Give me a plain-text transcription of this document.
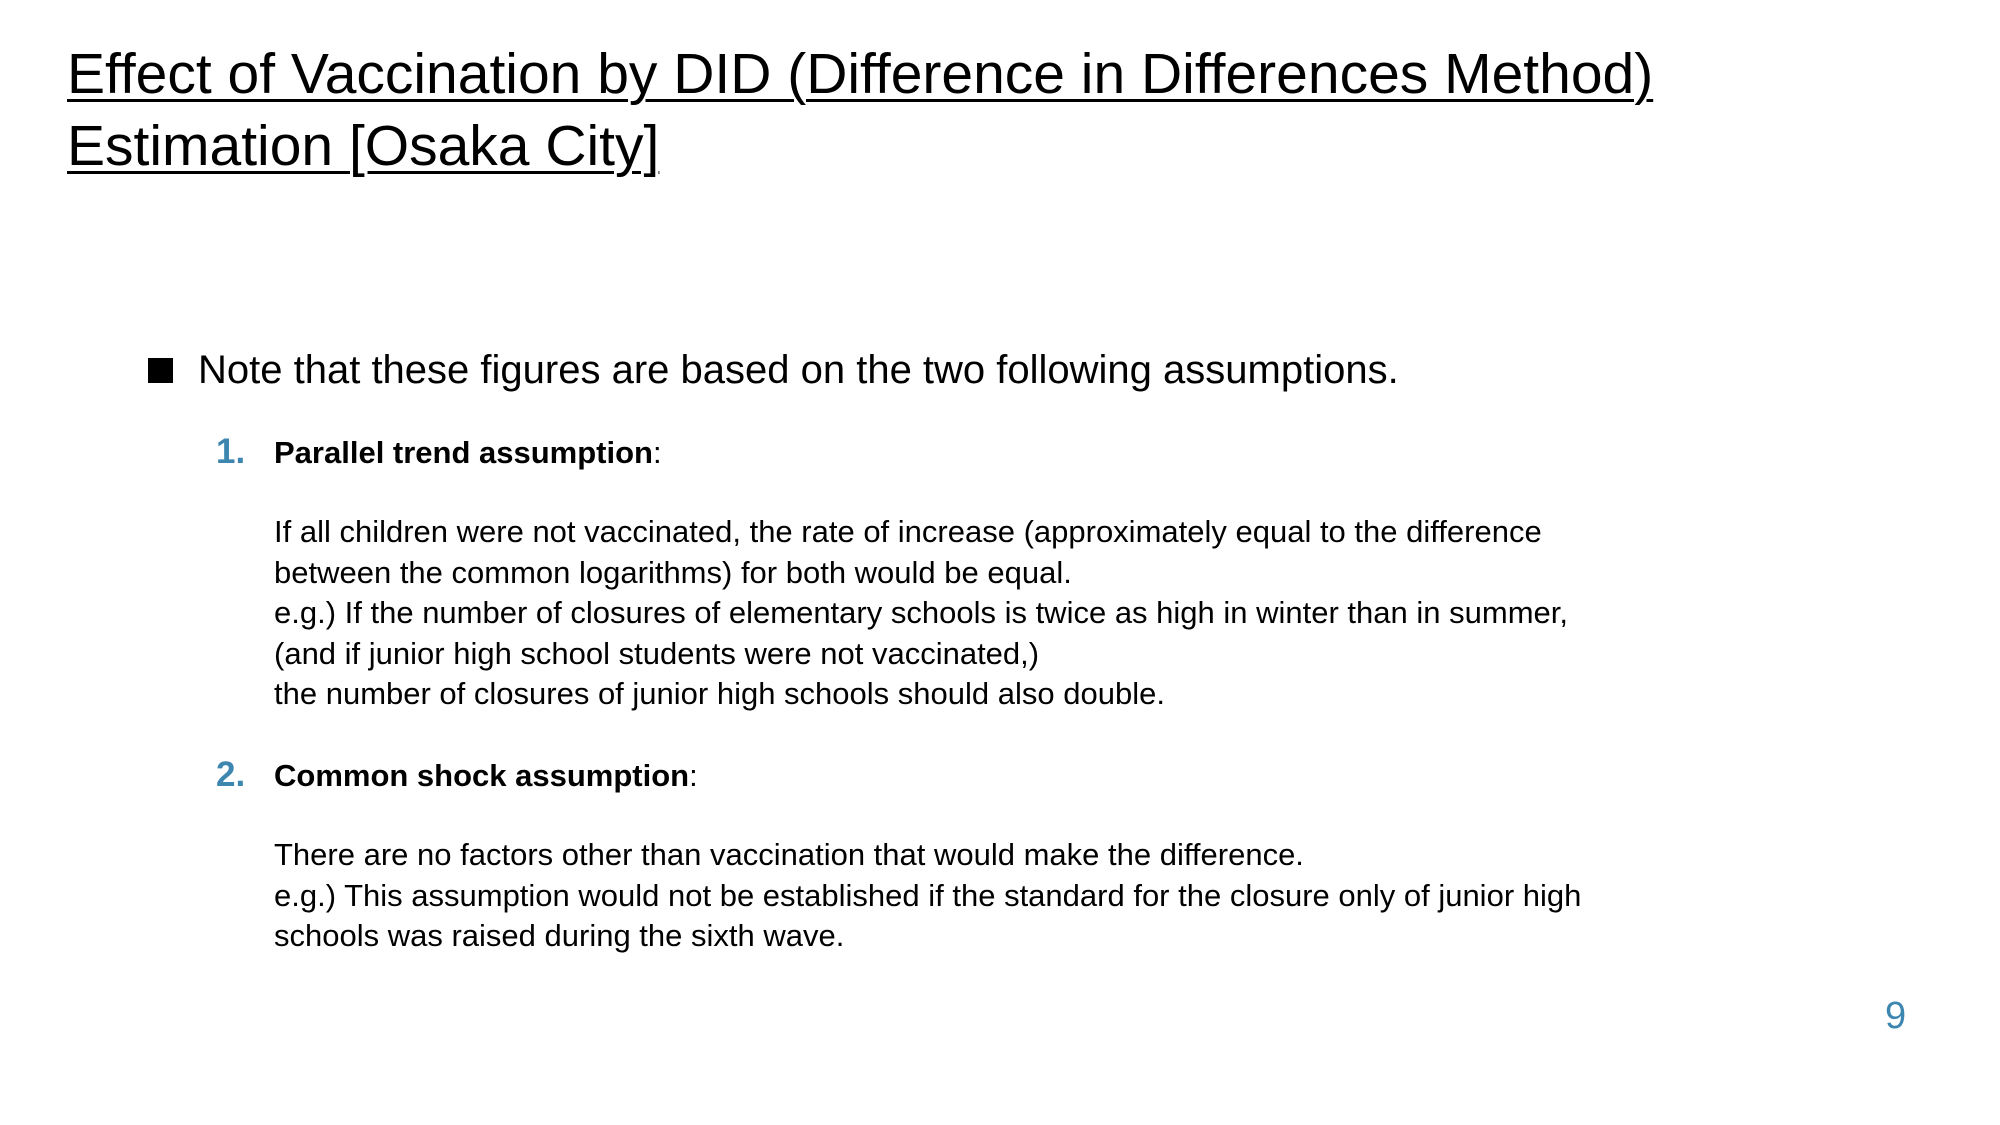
Effect of Vaccination by DID (Difference in Differences Method)
Estimation [Osaka City]
Note that these figures are based on the two following assumptions.
1. Parallel trend assumption :
If all children were not vaccinated, the rate of increase (approximately equal to the difference
between the common logarithms) for both would be equal.
e.g.) If the number of closures of elementary schools is twice as high in winter than in summer,
(and if junior high school students were not vaccinated,)
the number of closures of junior high schools should also double.
2. Common shock assumption :
There are no factors other than vaccination that would make the difference.
e.g.) This assumption would not be established if the standard for the closure only of junior high
schools was raised during the sixth wave.
9
